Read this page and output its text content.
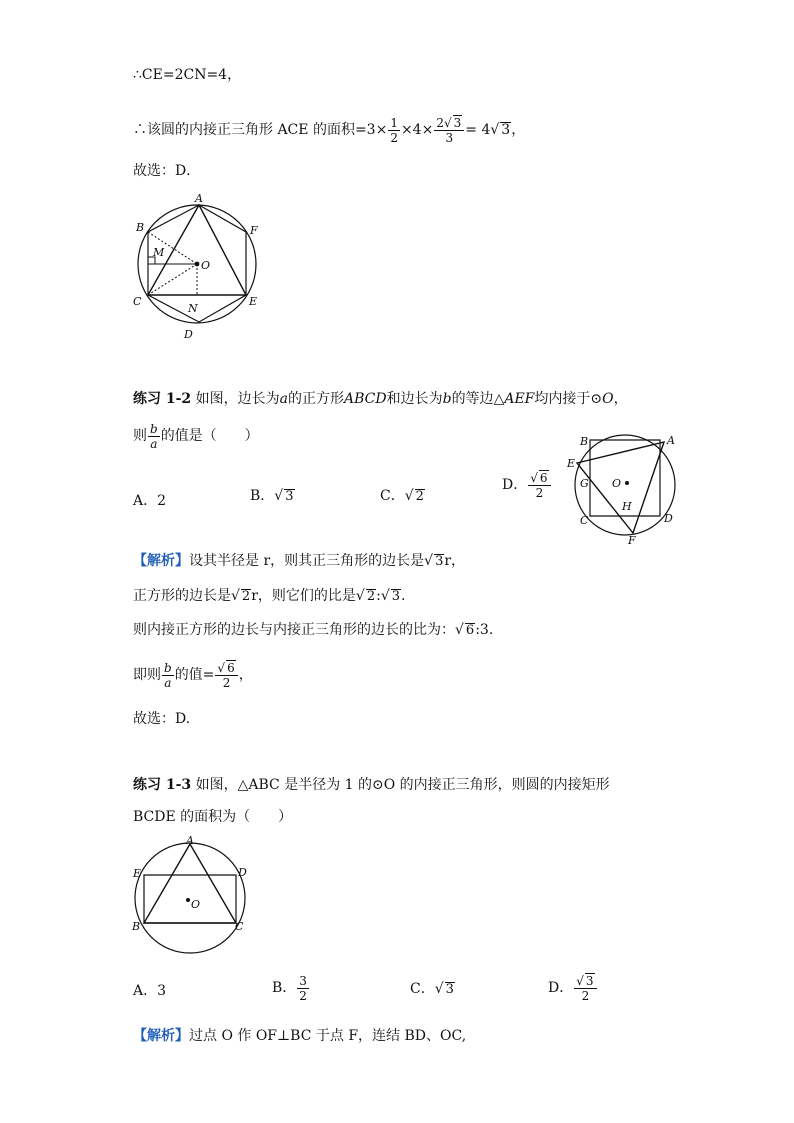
∴CE=2CN=4，
∴该圆的内接正三角形 ACE 的面积$=3\times \frac{1}{2} \times 4\times \frac{2√ 3}{3} = 4√$ 3，
故选：D．
A
B	F
M
O
C	E
N
D
练习 1-2 如图，边长为a的正方形ABCD和边长为b的等边△AEF均内接于⊙O，
则 $\frac{b}{a}$ 的值是（　　）
A．2	B．√ 3	C．√ 2
D． $\frac{√ 6}{2}$
B	A
E
G O
H
C	D
F
【解析】设其半径是 r，则其正三角形的边长是√ 3r，
正方形的边长是√ 2r，则它们的比是√ 2:√ 3.
则内接正方形的边长与内接正三角形的边长的比为：√ 6:3.
即则 $\frac{b}{a}$ 的值= $\frac{√ 6}{2}$ ，
故选：D.
练习 1-3 如图，△ABC 是半径为 1 的⊙O 的内接正三角形，则圆的内接矩形
BCDE 的面积为（　　）
A
E	D
O
B	C
A．3	B． $\frac{3}{2}$	C．√ 3	D． $\frac{√ 3}{2}$
【解析】过点 O 作 OF⊥BC 于点 F，连结 BD、OC,
